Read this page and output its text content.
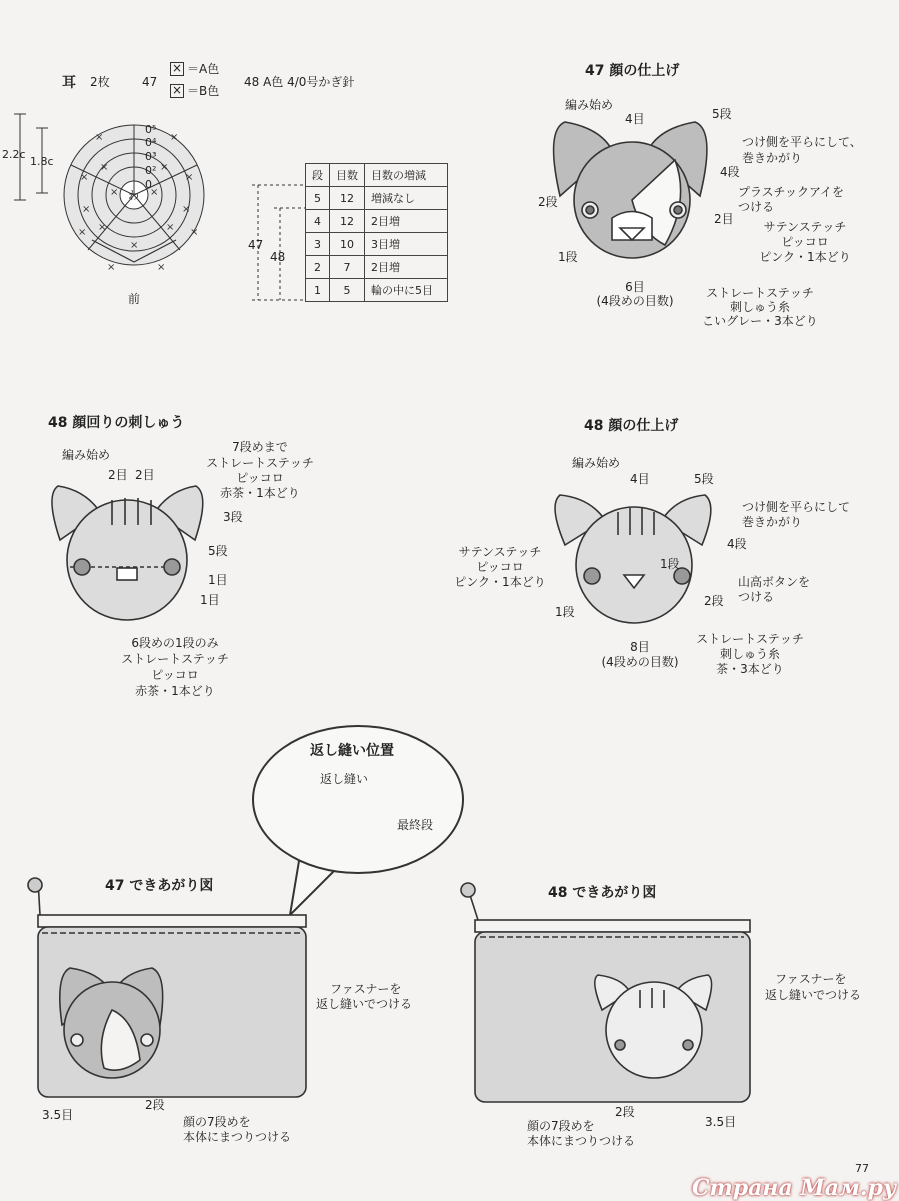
×	×
×	×
×	×
×	×
×	×
×	×
×	×
×	×
×
耳 2枚	47
× ＝A色
× ＝B色
48 A色 4/0号かぎ針
2.2c
1.8c
0⁵
0⁴
0³
0²
0
わ
前
47
48
段	目数	目数の増減
5	12	増減なし
4	12	2目増
3	10	3目増
2	7	2目増
1	5	輪の中に5目
47 顔の仕上げ
編み始め
4目	5段
つけ側を平らにして、
巻きかがり
4段
プラスチックアイを
つける
2段
2目
サテンステッチ
ピッコロ
ピンク・1本どり
1段
6目
(4段めの目数)
ストレートステッチ
刺しゅう糸
こいグレー・3本どり
48 顔回りの刺しゅう
編み始め
2目 2目
7段めまで
ストレートステッチ
ピッコロ
赤茶・1本どり
3段
5段
1目
1目
6段めの1段のみ
ストレートステッチ
ピッコロ
赤茶・1本どり
48 顔の仕上げ
編み始め
4目	5段
つけ側を平らにして
巻きかがり
4段
サテンステッチ
ピッコロ
ピンク・1本どり
1段
山高ボタンを
つける
2段
1段
8目
(4段めの目数)
ストレートステッチ
刺しゅう糸
茶・3本どり
返し縫い位置
返し縫い
最終段
47 できあがり図
ファスナーを
返し縫いでつける
3.5目
2段
顔の7段めを
本体にまつりつける
48 できあがり図
ファスナーを
返し縫いでつける
2段
3.5目
顔の7段めを
本体にまつりつける
77
Страна Мам.ру
